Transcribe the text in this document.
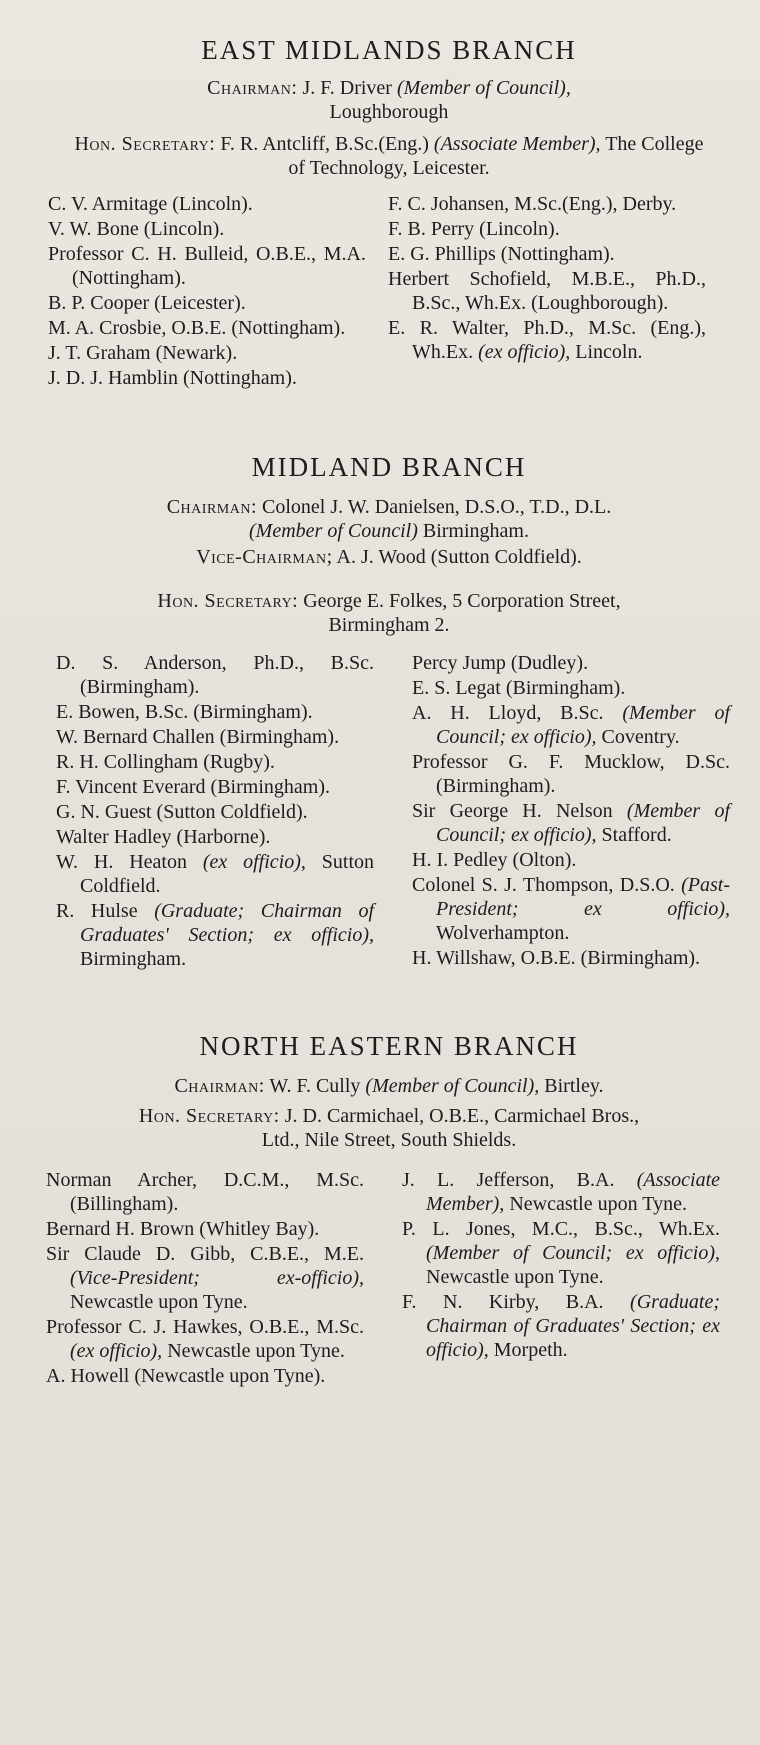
EAST MIDLANDS BRANCH
Chairman: J. F. Driver (Member of Council),
Loughborough
Hon. Secretary: F. R. Antcliff, B.Sc.(Eng.) (Associate Member), The College of Technology, Leicester.
C. V. Armitage (Lincoln).
V. W. Bone (Lincoln).
Professor C. H. Bulleid, O.B.E., M.A. (Nottingham).
B. P. Cooper (Leicester).
M. A. Crosbie, O.B.E. (Nottingham).
J. T. Graham (Newark).
J. D. J. Hamblin (Nottingham).
F. C. Johansen, M.Sc.(Eng.), Derby.
F. B. Perry (Lincoln).
E. G. Phillips (Nottingham).
Herbert Schofield, M.B.E., Ph.D., B.Sc., Wh.Ex. (Loughborough).
E. R. Walter, Ph.D., M.Sc. (Eng.), Wh.Ex. (ex officio), Lincoln.
MIDLAND BRANCH
Chairman: Colonel J. W. Danielsen, D.S.O., T.D., D.L.
(Member of Council) Birmingham.
Vice-Chairman; A. J. Wood (Sutton Coldfield).
Hon. Secretary: George E. Folkes, 5 Corporation Street,
Birmingham 2.
D. S. Anderson, Ph.D., B.Sc. (Birmingham).
E. Bowen, B.Sc. (Birmingham).
W. Bernard Challen (Birmingham).
R. H. Collingham (Rugby).
F. Vincent Everard (Birmingham).
G. N. Guest (Sutton Coldfield).
Walter Hadley (Harborne).
W. H. Heaton (ex officio), Sutton Coldfield.
R. Hulse (Graduate; Chairman of Graduates' Section; ex officio), Birmingham.
Percy Jump (Dudley).
E. S. Legat (Birmingham).
A. H. Lloyd, B.Sc. (Member of Council; ex officio), Coventry.
Professor G. F. Mucklow, D.Sc. (Birmingham).
Sir George H. Nelson (Member of Council; ex officio), Stafford.
H. I. Pedley (Olton).
Colonel S. J. Thompson, D.S.O. (Past-President; ex officio), Wolverhampton.
H. Willshaw, O.B.E. (Birmingham).
NORTH EASTERN BRANCH
Chairman: W. F. Cully (Member of Council), Birtley.
Hon. Secretary: J. D. Carmichael, O.B.E., Carmichael Bros.,
Ltd., Nile Street, South Shields.
Norman Archer, D.C.M., M.Sc. (Billingham).
Bernard H. Brown (Whitley Bay).
Sir Claude D. Gibb, C.B.E., M.E. (Vice-President; ex-officio), Newcastle upon Tyne.
Professor C. J. Hawkes, O.B.E., M.Sc. (ex officio), Newcastle upon Tyne.
A. Howell (Newcastle upon Tyne).
J. L. Jefferson, B.A. (Associate Member), Newcastle upon Tyne.
P. L. Jones, M.C., B.Sc., Wh.Ex. (Member of Council; ex officio), Newcastle upon Tyne.
F. N. Kirby, B.A. (Graduate; Chairman of Graduates' Section; ex officio), Morpeth.
